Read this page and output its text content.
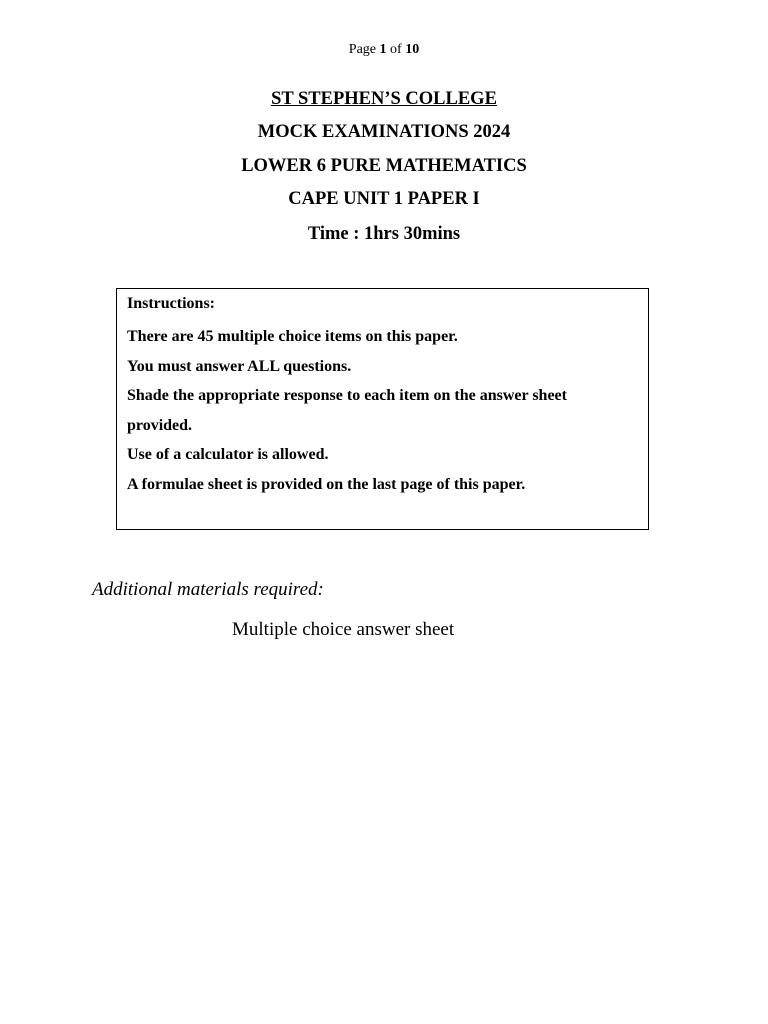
Page 1 of 10
ST STEPHEN’S COLLEGE
MOCK EXAMINATIONS 2024
LOWER 6 PURE MATHEMATICS
CAPE UNIT 1 PAPER I
Time : 1hrs 30mins
Instructions:
There are 45 multiple choice items on this paper.
You must answer ALL questions.
Shade the appropriate response to each item on the answer sheet
provided.
Use of a calculator is allowed.
A formulae sheet is provided on the last page of this paper.
Additional materials required:
Multiple choice answer sheet
